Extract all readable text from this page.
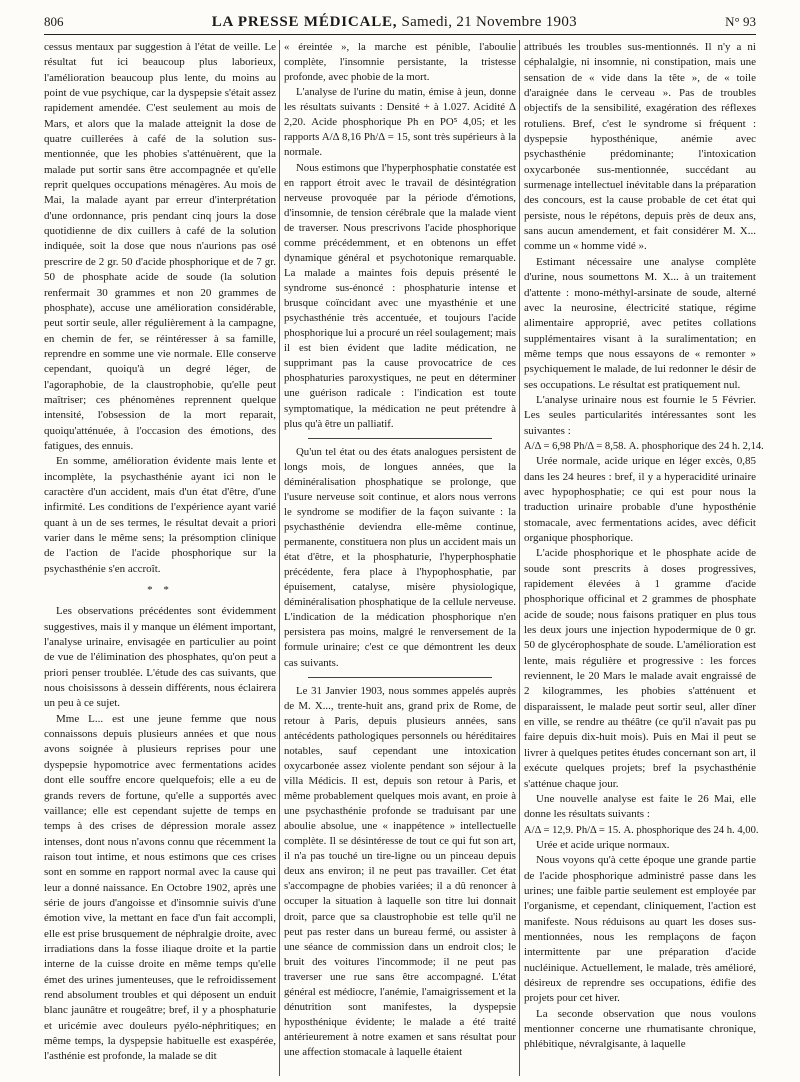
806	LA PRESSE MÉDICALE, Samedi, 21 Novembre 1903	N° 93

cessus mentaux par suggestion à l'état de veille. Le résultat fut ici beaucoup plus laborieux, l'amélioration beaucoup plus lente, du moins au point de vue psychique, car la dyspepsie s'était assez rapidement amendée. C'est seulement au mois de Mars, et alors que la malade atteignit la dose de quatre cuillerées à café de la solution sus-mentionnée, que les phobies s'atténuèrent, que la malade put sortir sans être accompagnée et qu'elle reprit quelques occupations ménagères. Au mois de Mai, la malade ayant par erreur d'interprétation d'une ordonnance, pris pendant cinq jours la dose quotidienne de dix cuillers à café de la solution indiquée, soit la dose que nous n'aurions pas osé prescrire de 2 gr. 50 d'acide phosphorique et de 7 gr. 50 de phosphate acide de soude (la solution renfermait 30 grammes et non 20 grammes de phosphate), accuse une amélioration considérable, peut sortir seule, aller régulièrement à la campagne, en chemin de fer, se réintéresser à sa famille, reprendre en somme une vie normale. Elle conserve cependant, quoiqu'à un degré léger, de l'agoraphobie, de la claustrophobie, qu'elle peut maîtriser; ces phénomènes reprennent quelque intensité, l'obsession de la mort reparait, quoiqu'atténuée, à l'occasion des émotions, des fatigues, des ennuis.

En somme, amélioration évidente mais lente et incomplète, la psychasthénie ayant ici non le caractère d'un accident, mais d'un état d'être, d'une infirmité. Les conditions de l'expérience ayant varié quant à un de ses termes, le résultat devait a priori varier dans le même sens; la présomption clinique de l'action de l'acide phosphorique sur la psychasthénie s'en accroît.

* *

Les observations précédentes sont évidemment suggestives, mais il y manque un élément important, l'analyse urinaire, envisagée en particulier au point de vue de l'élimination des phosphates, qu'on peut a priori penser troublée. L'étude des cas suivants, que nous choisissons à dessein différents, nous éclairera un peu à ce sujet.

Mme L... est une jeune femme que nous connaissons depuis plusieurs années et que nous avons soignée à plusieurs reprises pour une dyspepsie hypomotrice avec fermentations acides dont elle souffre encore quelquefois; elle a eu de grands revers de fortune, qu'elle a supportés avec vaillance; elle est cependant sujette de temps en temps à des crises de dépression morale assez intenses, dont nous n'avons connu que récemment la raison tout intime, et nous estimons que ces crises sont en somme en rapport normal avec la cause qui leur a donné naissance. En Octobre 1902, après une série de jours d'angoisse et d'insomnie suivis d'une émotion vive, la mettant en face d'un fait accompli, elle est prise brusquement de néphralgie droite, avec irradiations dans la fosse iliaque droite et la partie interne de la cuisse droite en même temps qu'elle émet des urines jumenteuses, que le refroidissement rend absolument troubles et qui déposent un enduit blanc jaunâtre et rougeâtre; bref, il y a phosphaturie et uricémie avec douleurs pyélo-néphritiques; en même temps, la dyspepsie habituelle est exaspérée, l'asthénie est profonde, la malade se dit

« éreintée », la marche est pénible, l'aboulie complète, l'insomnie persistante, la tristesse profonde, avec phobie de la mort.

L'analyse de l'urine du matin, émise à jeun, donne les résultats suivants : Densité + à 1.027. Acidité Δ 2,20. Acide phosphorique Ph en PO⁵ 4,05; et les rapports A/Δ 8,16 Ph/Δ = 15, sont très supérieurs à la normale.

Nous estimons que l'hyperphosphatie constatée est en rapport étroit avec le travail de désintégration nerveuse provoquée par la période d'émotions, d'insomnie, de tension cérébrale que la malade vient de traverser. Nous prescrivons l'acide phosphorique comme précédemment, et en obtenons un effet dynamique général et psychotonique remarquable. La malade a maintes fois depuis présenté le syndrome sus-énoncé : phosphaturie intense et brusque coïncidant avec une myasthénie et une psychasthénie très accentuée, et toujours l'acide phosphorique lui a procuré un réel soulagement; mais il est bien évident que ladite médication, ne supprimant pas la cause provocatrice de ces phosphaturies paroxystiques, ne peut en déterminer une guérison radicale : l'indication est toute symptomatique, la médication ne peut prétendre à plus qu'à être un palliatif.

Qu'un tel état ou des états analogues persistent de longs mois, de longues années, que la déminéralisation phosphatique se prolonge, que l'usure nerveuse soit continue, et alors nous verrons le syndrome se modifier de la façon suivante : la psychasthénie deviendra elle-même continue, permanente, constituera non plus un accident mais un état d'être, et la phosphaturie, l'hyperphosphatie précédente, fera place à l'hypophosphatie, par épuisement, catalyse, misère physiologique, déminéralisation phosphatique de la cellule nerveuse. L'indication de la médication phosphorique n'en persistera pas moins, malgré le renversement de la formule urinaire; c'est ce que démontrent les deux cas suivants.

Le 31 Janvier 1903, nous sommes appelés auprès de M. X..., trente-huit ans, grand prix de Rome, de retour à Paris, depuis plusieurs années, sans antécédents pathologiques personnels ou héréditaires notables, sauf cependant une intoxication oxycarbonée assez violente pendant son séjour à la villa Médicis. Il est, depuis son retour à Paris, et même probablement quelques mois avant, en proie à une psychasthénie profonde se traduisant par une aboulie absolue, une « inappétence » intellectuelle complète. Il se désintéresse de tout ce qui fut son art, il n'a pas touché un tire-ligne ou un pinceau depuis deux ans environ; il ne peut pas travailler. Cet état s'accompagne de phobies variées; il a dû renoncer à occuper la situation à laquelle son titre lui donnait droit, parce que sa claustrophobie est telle qu'il ne peut pas rester dans un bureau fermé, ou assister à une séance de commission dans un endroit clos; le bruit des voitures l'incommode; il ne peut pas traverser une rue sans être accompagné. L'état général est médiocre, l'anémie, l'amaigrissement et la dénutrition sont manifestes, la dyspepsie hyposthénique évidente; le malade a été traité antérieurement à notre examen et sans résultat pour une affection stomacale à laquelle étaient

attribués les troubles sus-mentionnés. Il n'y a ni céphalalgie, ni insomnie, ni constipation, mais une sensation de « vide dans la tête », de « toile d'araignée dans le cerveau ». Pas de troubles objectifs de la sensibilité, exagération des réflexes rotuliens. Bref, c'est le syndrome si fréquent : dyspepsie hyposthénique, anémie avec psychasthénie prédominante; l'intoxication oxycarbonée sus-mentionnée, succédant au surmenage intellectuel inévitable dans la préparation des concours, est la cause probable de cet état qui persiste, nous le répétons, depuis près de deux ans, sans aucun amendement, et fait considérer M. X... comme un « homme vidé ».

Estimant nécessaire une analyse complète d'urine, nous soumettons M. X... à un traitement d'attente : mono-méthyl-arsinate de soude, alterné avec la neurosine, électricité statique, régime alimentaire approprié, avec petites collations supplémentaires visant à la suralimentation; en même temps que nous essayons de « remonter » psychiquement le malade, de lui redonner le désir de ses occupations. Le résultat est pratiquement nul.

L'analyse urinaire nous est fournie le 5 Février. Les seules particularités intéressantes sont les suivantes :

A/Δ = 6,98 Ph/Δ = 8,58. A. phosphorique des 24 h. 2,14.

Urée normale, acide urique en léger excès, 0,85 dans les 24 heures : bref, il y a hyperacidité urinaire avec hypophosphatie; ce qui est pour nous la traduction urinaire probable d'une hyposthénie stomacale, avec fermentations acides, avec déficit organique phosphorique.

L'acide phosphorique et le phosphate acide de soude sont prescrits à doses progressives, rapidement élevées à 1 gramme d'acide phosphorique officinal et 2 grammes de phosphate acide de soude; nous faisons pratiquer en plus tous les deux jours une injection hypodermique de 0 gr. 50 de glycérophosphate de soude. L'amélioration est lente, mais régulière et progressive : les forces reviennent, le 20 Mars le malade avait engraissé de 2 kilogrammes, les phobies s'atténuent et disparaissent, le malade peut sortir seul, aller dîner en ville, se rendre au théâtre (ce qu'il n'avait pas pu faire depuis dix-huit mois). Puis en Mai il peut se livrer à quelques petites études concernant son art, il exécute quelques projets; bref la psychasthénie s'atténue chaque jour.

Une nouvelle analyse est faite le 26 Mai, elle donne les résultats suivants :

A/Δ = 12,9. Ph/Δ = 15. A. phosphorique des 24 h. 4,00.

Urée et acide urique normaux.

Nous voyons qu'à cette époque une grande partie de l'acide phosphorique administré passe dans les urines; une faible partie seulement est employée par l'organisme, et cependant, cliniquement, l'action est manifeste. Nous réduisons au quart les doses sus-mentionnées, nous les remplaçons de façon intermittente par une préparation d'acide nucléinique. Actuellement, le malade, très amélioré, désireux de reprendre ses occupations, édifie des projets pour cet hiver.

La seconde observation que nous voulons mentionner concerne une rhumatisante chronique, phlébitique, névralgisante, à laquelle
